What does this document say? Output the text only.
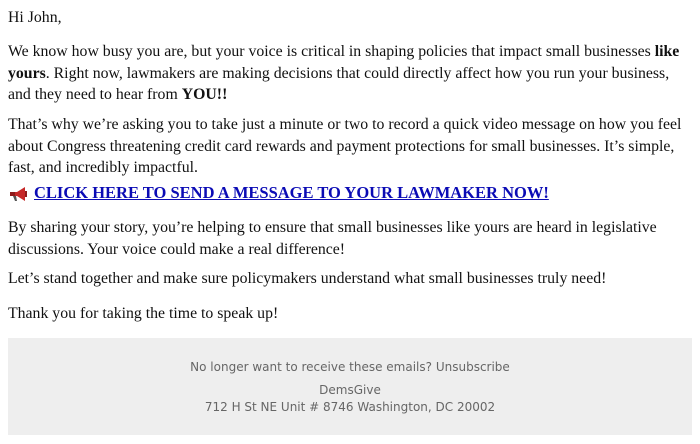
Hi John,

We know how busy you are, but your voice is critical in shaping policies that impact small businesses like yours. Right now, lawmakers are making decisions that could directly affect how you run your business, and they need to hear from YOU!!

That’s why we’re asking you to take just a minute or two to record a quick video message on how you feel about Congress threatening credit card rewards and payment protections for small businesses. It’s simple, fast, and incredibly impactful.

CLICK HERE TO SEND A MESSAGE TO YOUR LAWMAKER NOW!

By sharing your story, you’re helping to ensure that small businesses like yours are heard in legislative discussions. Your voice could make a real difference!

Let’s stand together and make sure policymakers understand what small businesses truly need!

Thank you for taking the time to speak up!

No longer want to receive these emails? Unsubscribe
DemsGive
712 H St NE Unit # 8746 Washington, DC 20002
